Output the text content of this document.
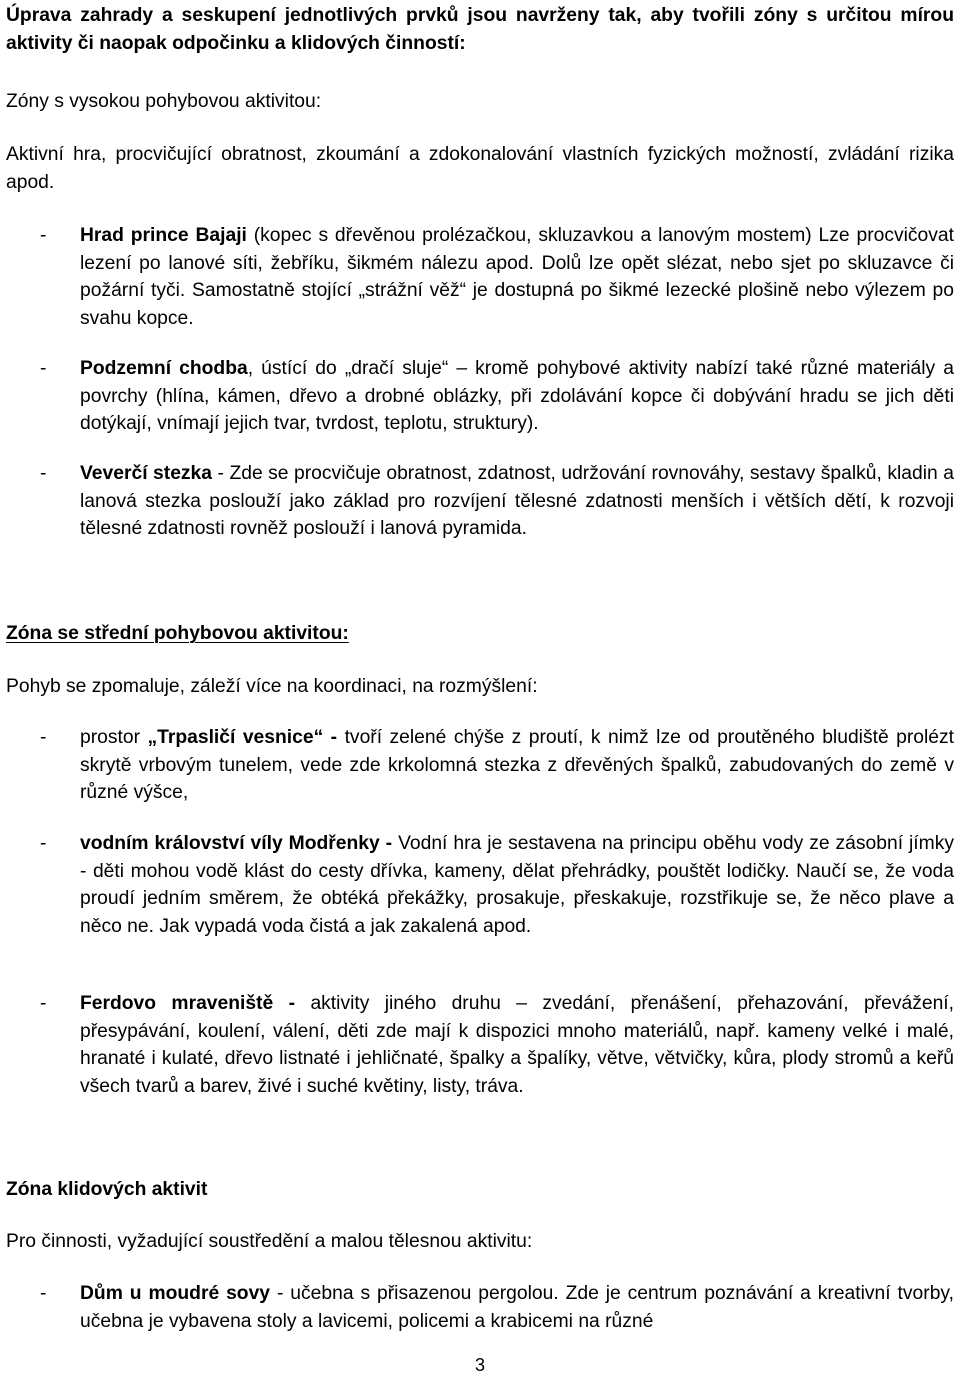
Úprava zahrady a seskupení jednotlivých prvků jsou navrženy tak, aby tvořili zóny s určitou mírou aktivity či naopak odpočinku a klidových činností:

Zóny s vysokou pohybovou aktivitou:

Aktivní hra, procvičující obratnost, zkoumání a zdokonalování vlastních fyzických možností, zvládání rizika apod.

- Hrad prince Bajaji (kopec s dřevěnou prolézačkou, skluzavkou a lanovým mostem) Lze procvičovat lezení po lanové síti, žebříku, šikmém nálezu apod. Dolů lze opět slézat, nebo sjet po skluzavce či požární tyči. Samostatně stojící „strážní věž“ je dostupná po šikmé lezecké plošině nebo výlezem po svahu kopce.

- Podzemní chodba, ústící do „dračí sluje“ – kromě pohybové aktivity nabízí také různé materiály a povrchy (hlína, kámen, dřevo a drobné oblázky, při zdolávání kopce či dobývání hradu se jich děti dotýkají, vnímají jejich tvar, tvrdost, teplotu, struktury).

- Veverčí stezka - Zde se procvičuje obratnost, zdatnost, udržování rovnováhy, sestavy špalků, kladin a lanová stezka poslouží jako základ pro rozvíjení tělesné zdatnosti menších i větších dětí, k rozvoji tělesné zdatnosti rovněž poslouží i lanová pyramida.

Zóna se střední pohybovou aktivitou:

Pohyb se zpomaluje, záleží více na koordinaci, na rozmýšlení:

- prostor „Trpasličí vesnice“ - tvoří zelené chýše z proutí, k nimž lze od proutěného bludiště prolézt skrytě vrbovým tunelem, vede zde krkolomná stezka z dřevěných špalků, zabudovaných do země v různé výšce,

- vodním království víly Modřenky - Vodní hra je sestavena na principu oběhu vody ze zásobní jímky - děti mohou vodě klást do cesty dřívka, kameny, dělat přehrádky, pouštět lodičky. Naučí se, že voda proudí jedním směrem, že obtéká překážky, prosakuje, přeskakuje, rozstřikuje se, že něco plave a něco ne. Jak vypadá voda čistá a jak zakalená apod.

- Ferdovo mraveniště - aktivity jiného druhu – zvedání, přenášení, přehazování, převážení, přesypávání, koulení, válení, děti zde mají k dispozici mnoho materiálů, např. kameny velké i malé, hranaté i kulaté, dřevo listnaté i jehličnaté, špalky a špalíky, větve, větvičky, kůra, plody stromů a keřů všech tvarů a barev, živé i suché květiny, listy, tráva.

Zóna klidových aktivit

Pro činnosti, vyžadující soustředění a malou tělesnou aktivitu:

- Dům u moudré sovy - učebna s přisazenou pergolou. Zde je centrum poznávání a kreativní tvorby, učebna je vybavena stoly a lavicemi, policemi a krabicemi na různé

3
